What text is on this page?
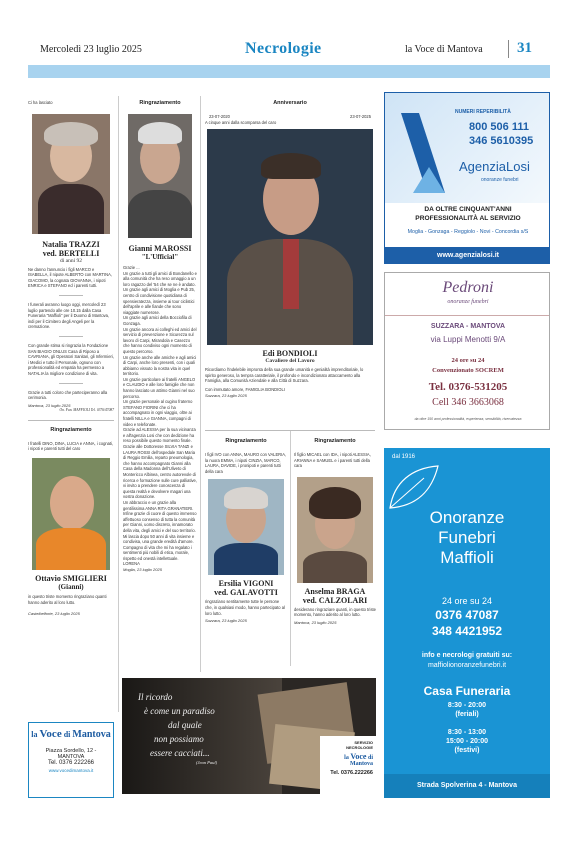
Mercoledì 23 luglio 2025	Necrologie	la Voce di Mantova 31

Ci ha lasciato

Natalia TRAZZI
ved. BERTELLI
di anni 92

Ne danno l'annuncio i figli MARCO e ISABELLA, il nipote ALBERTO con MARTINA, GIACOMO, la cognata GIOVANNA, i nipoti ENRICA e STEFANO ed i parenti tutti.

I funerali avranno luogo oggi, mercoledì 23 luglio partendo alle ore 10.15 dalla Casa Funeraria "Maffioli" per il Duomo di Mantova, indi per il Cimitero degli Angeli per la cremazione.

Con grande stima si ringrazia la Fondazione SAN BIAGIO ONLUS Casa di Riposo a CAVRIANA, gli Operatori Sanitari, gli Infermieri, i Medici e tutto il Personale, ognuno con professionalità ed empatia ha permesso a NATALIA la migliore condizione di vita.

Grazie a tutti coloro che parteciperanno alla cerimonia.

Mantova, 23 luglio 2025

On. Fun. MAFFIOLI Tel. 0376/47087

Ringraziamento

I fratelli DINO, DINA, LUCIA e ANNA, i cognati, i nipoti e parenti tutti del caro

Ottavio SMIGLIERI
(Gianni)

in questo triste momento ringraziano quanti hanno aderito al loro lutto.

Castelbelforte, 23 luglio 2025

la Voce di Mantova
Piazza Sordello, 12 -
MANTOVA
Tel. 0376 222266
www.vocedimantova.it
Ringraziamento
Gianni MAROSSI
"L'Ufficial"

Grazie ...

Un grazie a tutti gli amici di Bondanello e alla comunità che ha reso omaggio a un loro ragazzo del '54 che se ne è andato.

Un grazie agli amici di Moglia e Pub 25, centro di condivisione quotidiana di spensieratezza, insieme ai tour ciclistici dell'aprile e alle fiande che sono viaggiate numerose.

Un grazie agli amici della Bocciofila di Gonzaga.

Un grazie ancora ai colleghi ed amici del servizio di prevenzione e Sicurezza sul lavoro di Carpi, Mirandola e Casezzo che hanno condiviso ogni momento di questo percorso.

Un grazie anche alle amiche e agli amici di Carpi, anche loro presenti, con i quali abbiamo vissuto la nostra vita in quel territorio.

Un grazie particolare ai fratelli ANGELO e CLAUDIO e alle loro famiglie che non hanno lasciato un attimo Gianni nel suo percorso.

Un grazie personale al cugino fraterno STEFANO FIORINI che ci ha accompagnato in ogni viaggio, oltre ai fratelli NILLA e GIANNA, compagni di video e telefonate.

Grazie ad ALESSIA per la sua vicinanza e all'agenzia Losi che con dedizione ha reso possibile questo momento finale.

Grazie alle Dottoresse SILVIA TANZI e LAURA ROSSI dell'ospedale San Maria di Reggio Emilia, reparto pneumologia, che hanno accompagnato Gianni alla Casa della Madonna dell'Uliveto di Montericco Albinea, centro autorevole di ricerca e formazione sulle cure palliative, vi invito a prendere conoscenza di questa realtà e devolvere magari una vostra donazione.

Un abbraccio e un grazie alla gentilissima ANNA RITA GRANATIERI.

Infine grazie di cuore di questo immenso affettuoso consenso di tutta la comunità per Gianni, uomo discreto, innamorato della vita, degli amici e del suo territorio.

Mi lascia dopo 50 anni di vita insieme e condivisa, una grande eredità d'amore.

Compagno di vita che mi ha regalato i sentimenti più nobili di etica, morale, rispetto ed onestà intellettuale.

LORENA

Moglia, 23 luglio 2025

Anniversario

23-07-2020	23-07-2025

A cinque anni dalla scomparsa del caro

Edi BONDIOLI
Cavaliere del Lavoro

Ricordiamo l'indelebile impronta della sua grande umanità e genialità imprenditoriale, lo spirito generoso, la tempra caratteriale, il profondo e incondizionato attaccamento alla Famiglia, alla Comunità Aziendale e alla Città di Suzzara.

Con immutato amore, FAMIGLIA BONDIOLI

Suzzara, 23 luglio 2025

Ringraziamento

I figli IVO con ANNA, MAURO con VALERIA, la nuora EMMA, i nipoti CINZIA, MARCO, LAURA, DAVIDE, i pronipoti e parenti tutti della cara

Ersilia VIGONI
ved. GALAVOTTI

ringraziano sentitamente tutte le persone che, in qualsiasi modo, hanno partecipato al loro lutto.

Suzzara, 23 luglio 2025

Ringraziamento

Il figlio MICAEL con IDA, i nipoti ALESSIA, ARIANNA e SAMUEL e i parenti tutti della cara

Anselma BRAGA
ved. CALZOLARI

desiderano ringraziare quanti, in questo triste momento, hanno aderito al loro lutto.

Mantova, 23 luglio 2025

Il ricordo
è come un paradiso
dal quale
non possiamo
essere cacciati...
(Jean Paul)
SERVIZIO
NECROLOGIE
la Voce di Mantova
Tel. 0376.222266
NUMERI REPERIBILITÀ
800 506 111
346 5610395
AgenziaLosi
onoranze funebri
DA OLTRE CINQUANT'ANNI
PROFESSIONALITÀ AL SERVIZIO
Moglia - Gonzaga - Reggiolo - Novi - Concordia s/S
www.agenzialosi.it
Pedroni
onoranze funebri
SUZZARA - MANTOVA
via Luppi Menotti 9/A
24 ore su 24
Convenzionato SOCREM
Tel. 0376-531205
Cell 346 3663068
da oltre 150 anni professionalità, esperienza, sensibilità, riservatezza
dal 1916
Onoranze
Funebri
Maffioli
24 ore su 24
0376 47087
348 4421952
info e necrologi gratuiti su:
maffiolionoranzefunebri.it
Casa Funeraria
8:30 - 20:00
(feriali)
8:30 - 13:00
15:00 - 20:00
(festivi)
Strada Spolverina 4 - Mantova
